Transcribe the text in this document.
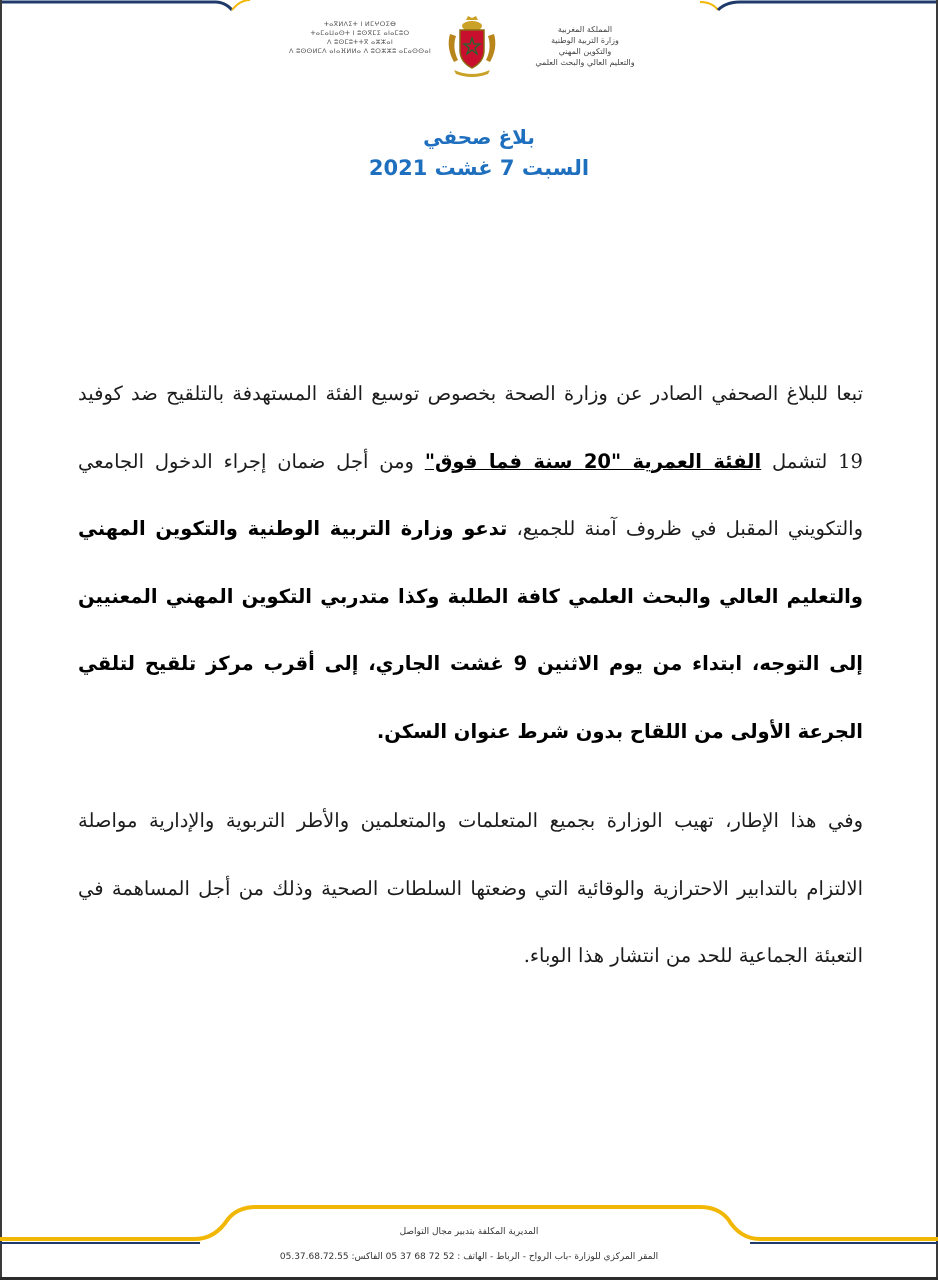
ⵜⴰⴳⵍⴷⵉⵜ ⵏ ⵍⵎⵖⵔⵉⴱ
ⵜⴰⵎⴰⵡⴰⵙⵜ ⵏ ⵓⵙⴳⵎⵉ ⴰⵏⴰⵎⵓⵔ
ⴷ ⵓⵙⵎⵓⵜⵜⴳ ⴰⵣⵣⴰⵏ
ⴷ ⵓⵙⵙⵍⵎⴷ ⴰⵏⴰⴼⵍⵍⴰ ⴷ ⵓⵔⵣⵣⵓ ⴰⵎⴰⵙⵙⴰⵏ
المملكة المغربية
وزارة التربية الوطنية
والتكوين المهني
والتعليم العالي والبحث العلمي

بلاغ صحفي

السبت 7 غشت 2021

تبعا للبلاغ الصحفي الصادر عن وزارة الصحة بخصوص توسيع الفئة المستهدفة بالتلقيح ضد كوفيد 19 لتشمل الفئة العمرية "20 سنة فما فوق" ومن أجل ضمان إجراء الدخول الجامعي والتكويني المقبل في ظروف آمنة للجميع، تدعو وزارة التربية الوطنية والتكوين المهني والتعليم العالي والبحث العلمي كافة الطلبة وكذا متدربي التكوين المهني المعنيين إلى التوجه، ابتداء من يوم الاثنين 9 غشت الجاري، إلى أقرب مركز تلقيح لتلقي الجرعة الأولى من اللقاح بدون شرط عنوان السكن.

وفي هذا الإطار، تهيب الوزارة بجميع المتعلمات والمتعلمين والأطر التربوية والإدارية مواصلة الالتزام بالتدابير الاحترازية والوقائية التي وضعتها السلطات الصحية وذلك من أجل المساهمة في التعبئة الجماعية للحد من انتشار هذا الوباء.

المديرية المكلفة بتدبير مجال التواصل
المقر المركزي للوزارة -باب الرواح - الرباط - الهاتف : 52 72 68 37 05 الفاكس: 05.37.68.72.55
